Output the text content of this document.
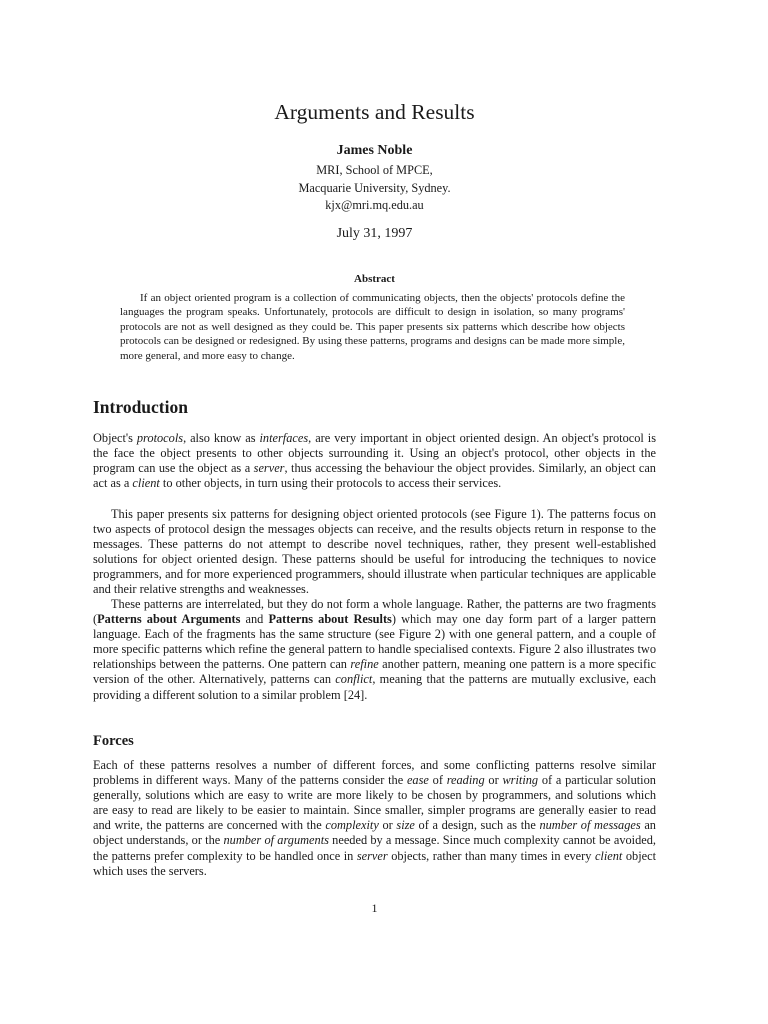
Arguments and Results
James Noble
MRI, School of MPCE,
Macquarie University, Sydney.
kjx@mri.mq.edu.au
July 31, 1997
Abstract
If an object oriented program is a collection of communicating objects, then the objects' protocols define the languages the program speaks. Unfortunately, protocols are difficult to design in isolation, so many programs' protocols are not as well designed as they could be. This paper presents six patterns which describe how objects protocols can be designed or redesigned. By using these patterns, programs and designs can be made more simple, more general, and more easy to change.
Introduction
Object's protocols, also know as interfaces, are very important in object oriented design. An object's protocol is the face the object presents to other objects surrounding it. Using an object's protocol, other objects in the program can use the object as a server, thus accessing the behaviour the object provides. Similarly, an object can act as a client to other objects, in turn using their protocols to access their services.
This paper presents six patterns for designing object oriented protocols (see Figure 1). The patterns focus on two aspects of protocol design the messages objects can receive, and the results objects return in response to the messages. These patterns do not attempt to describe novel techniques, rather, they present well-established solutions for object oriented design. These patterns should be useful for introducing the techniques to novice programmers, and for more experienced programmers, should illustrate when particular techniques are applicable and their relative strengths and weaknesses.
These patterns are interrelated, but they do not form a whole language. Rather, the patterns are two fragments (Patterns about Arguments and Patterns about Results) which may one day form part of a larger pattern language. Each of the fragments has the same structure (see Figure 2) with one general pattern, and a couple of more specific patterns which refine the general pattern to handle specialised contexts. Figure 2 also illustrates two relationships between the patterns. One pattern can refine another pattern, meaning one pattern is a more specific version of the other. Alternatively, patterns can conflict, meaning that the patterns are mutually exclusive, each providing a different solution to a similar problem [24].
Forces
Each of these patterns resolves a number of different forces, and some conflicting patterns resolve similar problems in different ways. Many of the patterns consider the ease of reading or writing of a particular solution generally, solutions which are easy to write are more likely to be chosen by programmers, and solutions which are easy to read are likely to be easier to maintain. Since smaller, simpler programs are generally easier to read and write, the patterns are concerned with the complexity or size of a design, such as the number of messages an object understands, or the number of arguments needed by a message. Since much complexity cannot be avoided, the patterns prefer complexity to be handled once in server objects, rather than many times in every client object which uses the servers.
1
